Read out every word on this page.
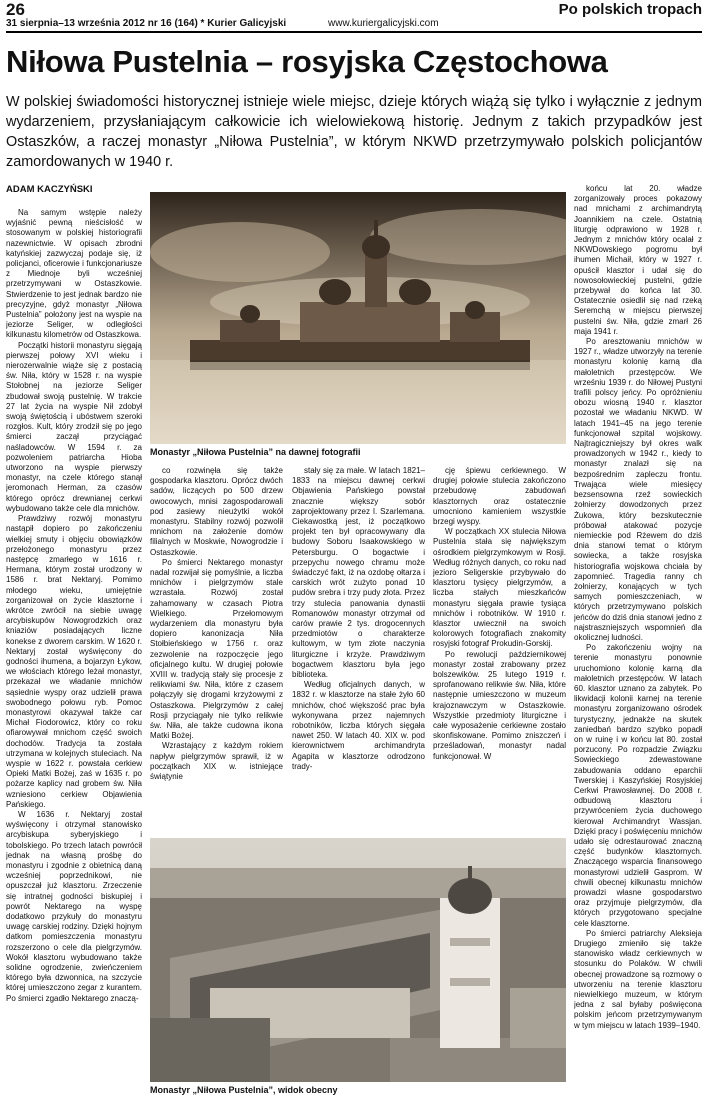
26
31 sierpnia–13 września 2012 nr 16 (164) * Kurier Galicyjski	www.kuriergalicyjski.com
Po polskich tropach
Niłowa Pustelnia – rosyjska Częstochowa

W polskiej świadomości historycznej istnieje wiele miejsc, dzieje których wiążą się tylko i wyłącznie z jednym wydarzeniem, przysłaniającym całkowicie ich wielowiekową historię. Jednym z takich przypadków jest Ostaszków, a raczej monastyr „Niłowa Pustelnia”, w którym NKWD przetrzymywało polskich policjantów zamordowanych w 1940 r.

ADAM KACZYŃSKI

Na samym wstępie należy wyjaśnić pewną nieścisłość w stosowanym w polskiej historiografii nazewnictwie. W opisach zbrodni katyńskiej zazwyczaj podaje się, iż policjanci, oficerowie i funkcjonariusze z Miednoje byli wcześniej przetrzymywani w Ostaszkowie. Stwierdzenie to jest jednak bardzo nie precyzyjne, gdyż monastyr „Niłowa Pustelnia” położony jest na wyspie na jeziorze Seliger, w odległości kilkunastu kilometrów od Ostaszkowa.

Początki historii monastyru sięgają pierwszej połowy XVI wieku i nierozerwalnie wiąże się z postacią św. Niła, który w 1528 r. na wyspie Stołobnej na jeziorze Seliger zbudował swoją pustelnię. W trakcie 27 lat życia na wyspie Nił zdobył swoją świętością i ubóstwem szeroki rozgłos. Kult, który zrodził się po jego śmierci zaczął przyciągać naśladowców. W 1594 r. za pozwoleniem patriarcha Hioba utworzono na wyspie pierwszy monastyr, na czele którego stanął jeromonach Herman, za czasów którego oprócz drewnianej cerkwi wybudowano także cele dla mnichów.

Prawdziwy rozwój monastyru nastąpił dopiero po zakończeniu wielkiej smuty i objęciu obowiązków przełożonego monastyru przez następcę zmarłego w 1616 r. Hermana, którym został urodzony w 1586 r. brat Nektaryj. Pomimo młodego wieku, umiejętnie zorganizował on życie klasztorne i wkrótce zwrócił na siebie uwagę arcybiskupów Nowogrodzkich oraz kniaziów posiadających liczne konekse z dworem carskim. W 1620 r. Nektaryj został wyświęcony do godności ihumena, a bojarzyn Łykow, we włościach którego leżał monastyr, przekazał we władanie mnichów sąsiednie wyspy oraz udzielił prawa swobodnego połowu ryb. Pomoc monastyrowi okazywał także car Michał Fiodorowicz, który co roku ofiarowywał mnichom część swoich dochodów. Tradycja ta została utrzymana w kolejnych stuleciach. Na wyspie w 1622 r. powstała cerkiew Opieki Matki Bożej, zaś w 1635 r. po pożarze kaplicy nad grobem św. Niła wzniesiono cerkiew Objawienia Pańskiego.

W 1636 r. Nektaryj został wyświęcony i otrzymał stanowisko arcybiskupa syberyjskiego i tobolskiego. Po trzech latach powrócił jednak na własną prośbę do monastyru i zgodnie z obietnicą daną wcześniej poprzednikowi, nie opuszczał już klasztoru. Zrzeczenie się intratnej godności biskupiej i powrót Nektarego na wyspę dodatkowo przykuły do monastyru uwagę carskiej rodziny. Dzięki hojnym datkom pomieszczenia monastyru rozszerzono o cele dla pielgrzymów. Wokół klasztoru wybudowano także solidne ogrodzenie, zwieńczeniem którego była dzwonnica, na szczycie której umieszczono zegar z kurantem. Po śmierci zgadło Nektarego znaczą-

Monastyr „Niłowa Pustelnia” na dawnej fotografii

co rozwinęła się także gospodarka klasztoru. Oprócz dwóch sadów, liczących po 500 drzew owocowych, mnisi zagospodarowali pod zasiewy nieużytki wokół monastyru. Stabilny rozwój pozwolił mnichom na założenie domów filialnych w Moskwie, Nowogrodzie i Ostaszkowie.

Po śmierci Nektarego monastyr nadal rozwijał się pomyślnie, a liczba mnichów i pielgrzymów stale wzrastała. Rozwój został zahamowany w czasach Piotra Wielkiego. Przełomowym wydarzeniem dla monastyru była dopiero kanonizacja Niła Stołbieńskiego w 1756 r. oraz zezwolenie na rozpoczęcie jego oficjalnego kultu. W drugiej połowie XVIII w. tradycją stały się procesje z relikwiami św. Niła, które z czasem połączyły się drogami krzyżowymi z Ostaszkowa. Pielgrzymów z całej Rosji przyciągały nie tylko relikwie św. Niła, ale także cudowna ikona Matki Bożej.

Wzrastający z każdym rokiem napływ pielgrzymów sprawił, iż w początkach XIX w. istniejące świątynie

stały się za małe. W latach 1821–1833 na miejscu dawnej cerkwi Objawienia Pańskiego powstał znacznie większy sobór zaprojektowany przez I. Szarlemana. Ciekawostką jest, iż początkowo projekt ten był opracowywany dla budowy Soboru Isaakowskiego w Petersburgu. O bogactwie i przepychu nowego chramu może świadczyć fakt, iż na ozdobę ołtarza i carskich wrót zużyto ponad 10 pudów srebra i trzy pudy złota. Przez trzy stulecia panowania dynastii Romanowów monastyr otrzymał od carów prawie 2 tys. drogocennych przedmiotów o charakterze kultowym, w tym złote naczynia liturgiczne i krzyże. Prawdziwym bogactwem klasztoru była jego biblioteka.

Według oficjalnych danych, w 1832 r. w klasztorze na stałe żyło 60 mnichów, choć większość prac była wykonywana przez najemnych robotników, liczba których sięgała nawet 250. W latach 40. XIX w. pod kierownictwem archimandryta Agapita w klasztorze odrodzono trady-

cję śpiewu cerkiewnego. W drugiej połowie stulecia zakończono przebudowę zabudowań klasztornych oraz ostatecznie umocniono kamieniem wszystkie brzegi wyspy.

W początkach XX stulecia Niłowa Pustelnia stała się największym ośrodkiem pielgrzymkowym w Rosji. Według różnych danych, co roku nad jezioro Seligerskie przybywało do klasztoru tysięcy pielgrzymów, a liczba stałych mieszkańców monastyru sięgała prawie tysiąca mnichów i robotników. W 1910 r. klasztor uwiecznił na swoich kolorowych fotografiach znakomity rosyjski fotograf Prokudin-Gorskij.

Po rewolucji październikowej monastyr został zrabowany przez bolszewików. 25 lutego 1919 r. sprofanowano relikwie św. Niła, które następnie umieszczono w muzeum krajoznawczym w Ostaszkowie. Wszystkie przedmioty liturgiczne i całe wyposażenie cerkiewne zostało skonfiskowane. Pomimo zniszczeń i prześladowań, monastyr nadal funkcjonował. W

Monastyr „Niłowa Pustelnia”, widok obecny

końcu lat 20. władze zorganizowały proces pokazowy nad mnichami z archimandrytą Joannikiem na czele. Ostatnią liturgię odprawiono w 1928 r. Jednym z mnichów który ocalał z NKWDowskiego pogromu był ihumen Michaił, który w 1927 r. opuścił klasztor i udał się do nowosołowieckiej pustelni, gdzie przebywał do końca lat 30. Ostatecznie osiedlił się nad rzeką Seremchą w miejscu pierwszej pustelni św. Niła, gdzie zmarł 26 maja 1941 r.

Po aresztowaniu mnichów w 1927 r., władze utworzyły na terenie monastyru kolonię karną dla małoletnich przestępców. We wrześniu 1939 r. do Niłowej Pustyni trafili polscy jeńcy. Po opróżnieniu obozu wiosną 1940 r. klasztor pozostał we władaniu NKWD. W latach 1941–45 na jego terenie funkcjonował szpital wojskowy. Najtragiczniejszy był okres walk prowadzonych w 1942 r., kiedy to monastyr znalazł się na bezpośrednim zapleczu frontu. Trwająca wiele miesięcy bezsensowna rzeź sowieckich żołnierzy dowodzonych przez Żukowa, który bezskutecznie próbował atakować pozycje niemieckie pod Rżewem do dziś dnia stanowi temat o którym sowiecka, a także rosyjska historiografia wojskowa chciała by zapomnieć. Tragedia ranny ch żołnierzy, konających w tych samych pomieszczeniach, w których przetrzymywano polskich jeńców do dziś dnia stanowi jedno z najstraszniejszych wspomnień dla okolicznej ludności.

Po zakończeniu wojny na terenie monastyru ponownie uruchomiono kolonię karną dla małoletnich przestępców. W latach 60. klasztor uznano za zabytek. Po likwidacji kolonii karnej na terenie monastyru zorganizowano ośrodek turystyczny, jednakże na skutek zaniedbań bardzo szybko popadł on w ruinę i w końcu lat 80. został porzucony. Po rozpadzie Związku Sowieckiego zdewastowane zabudowania oddano eparchii Twerskiej i Kaszyńskiej Rosyjskiej Cerkwi Prawosławnej. Do 2008 r. odbudową klasztoru i przywróceniem życia duchowego kierował Archimandryt Wassjan. Dzięki pracy i poświęceniu mnichów udało się odrestaurować znaczną część budynków klasztornych. Znaczącego wsparcia finansowego monastyrowi udzielił Gasprom. W chwili obecnej kilkunastu mnichów prowadzi własne gospodarstwo oraz przyjmuje pielgrzymów, dla których przygotowano specjalne cele klasztorne.

Po śmierci patriarchy Aleksieja Drugiego zmieniło się także stanowisko władz cerkiewnych w stosunku do Polaków. W chwili obecnej prowadzone są rozmowy o utworzeniu na terenie klasztoru niewielkiego muzeum, w którym jedna z sal byłaby poświęcona polskim jeńcom przetrzymywanym w tym miejscu w latach 1939–1940.
